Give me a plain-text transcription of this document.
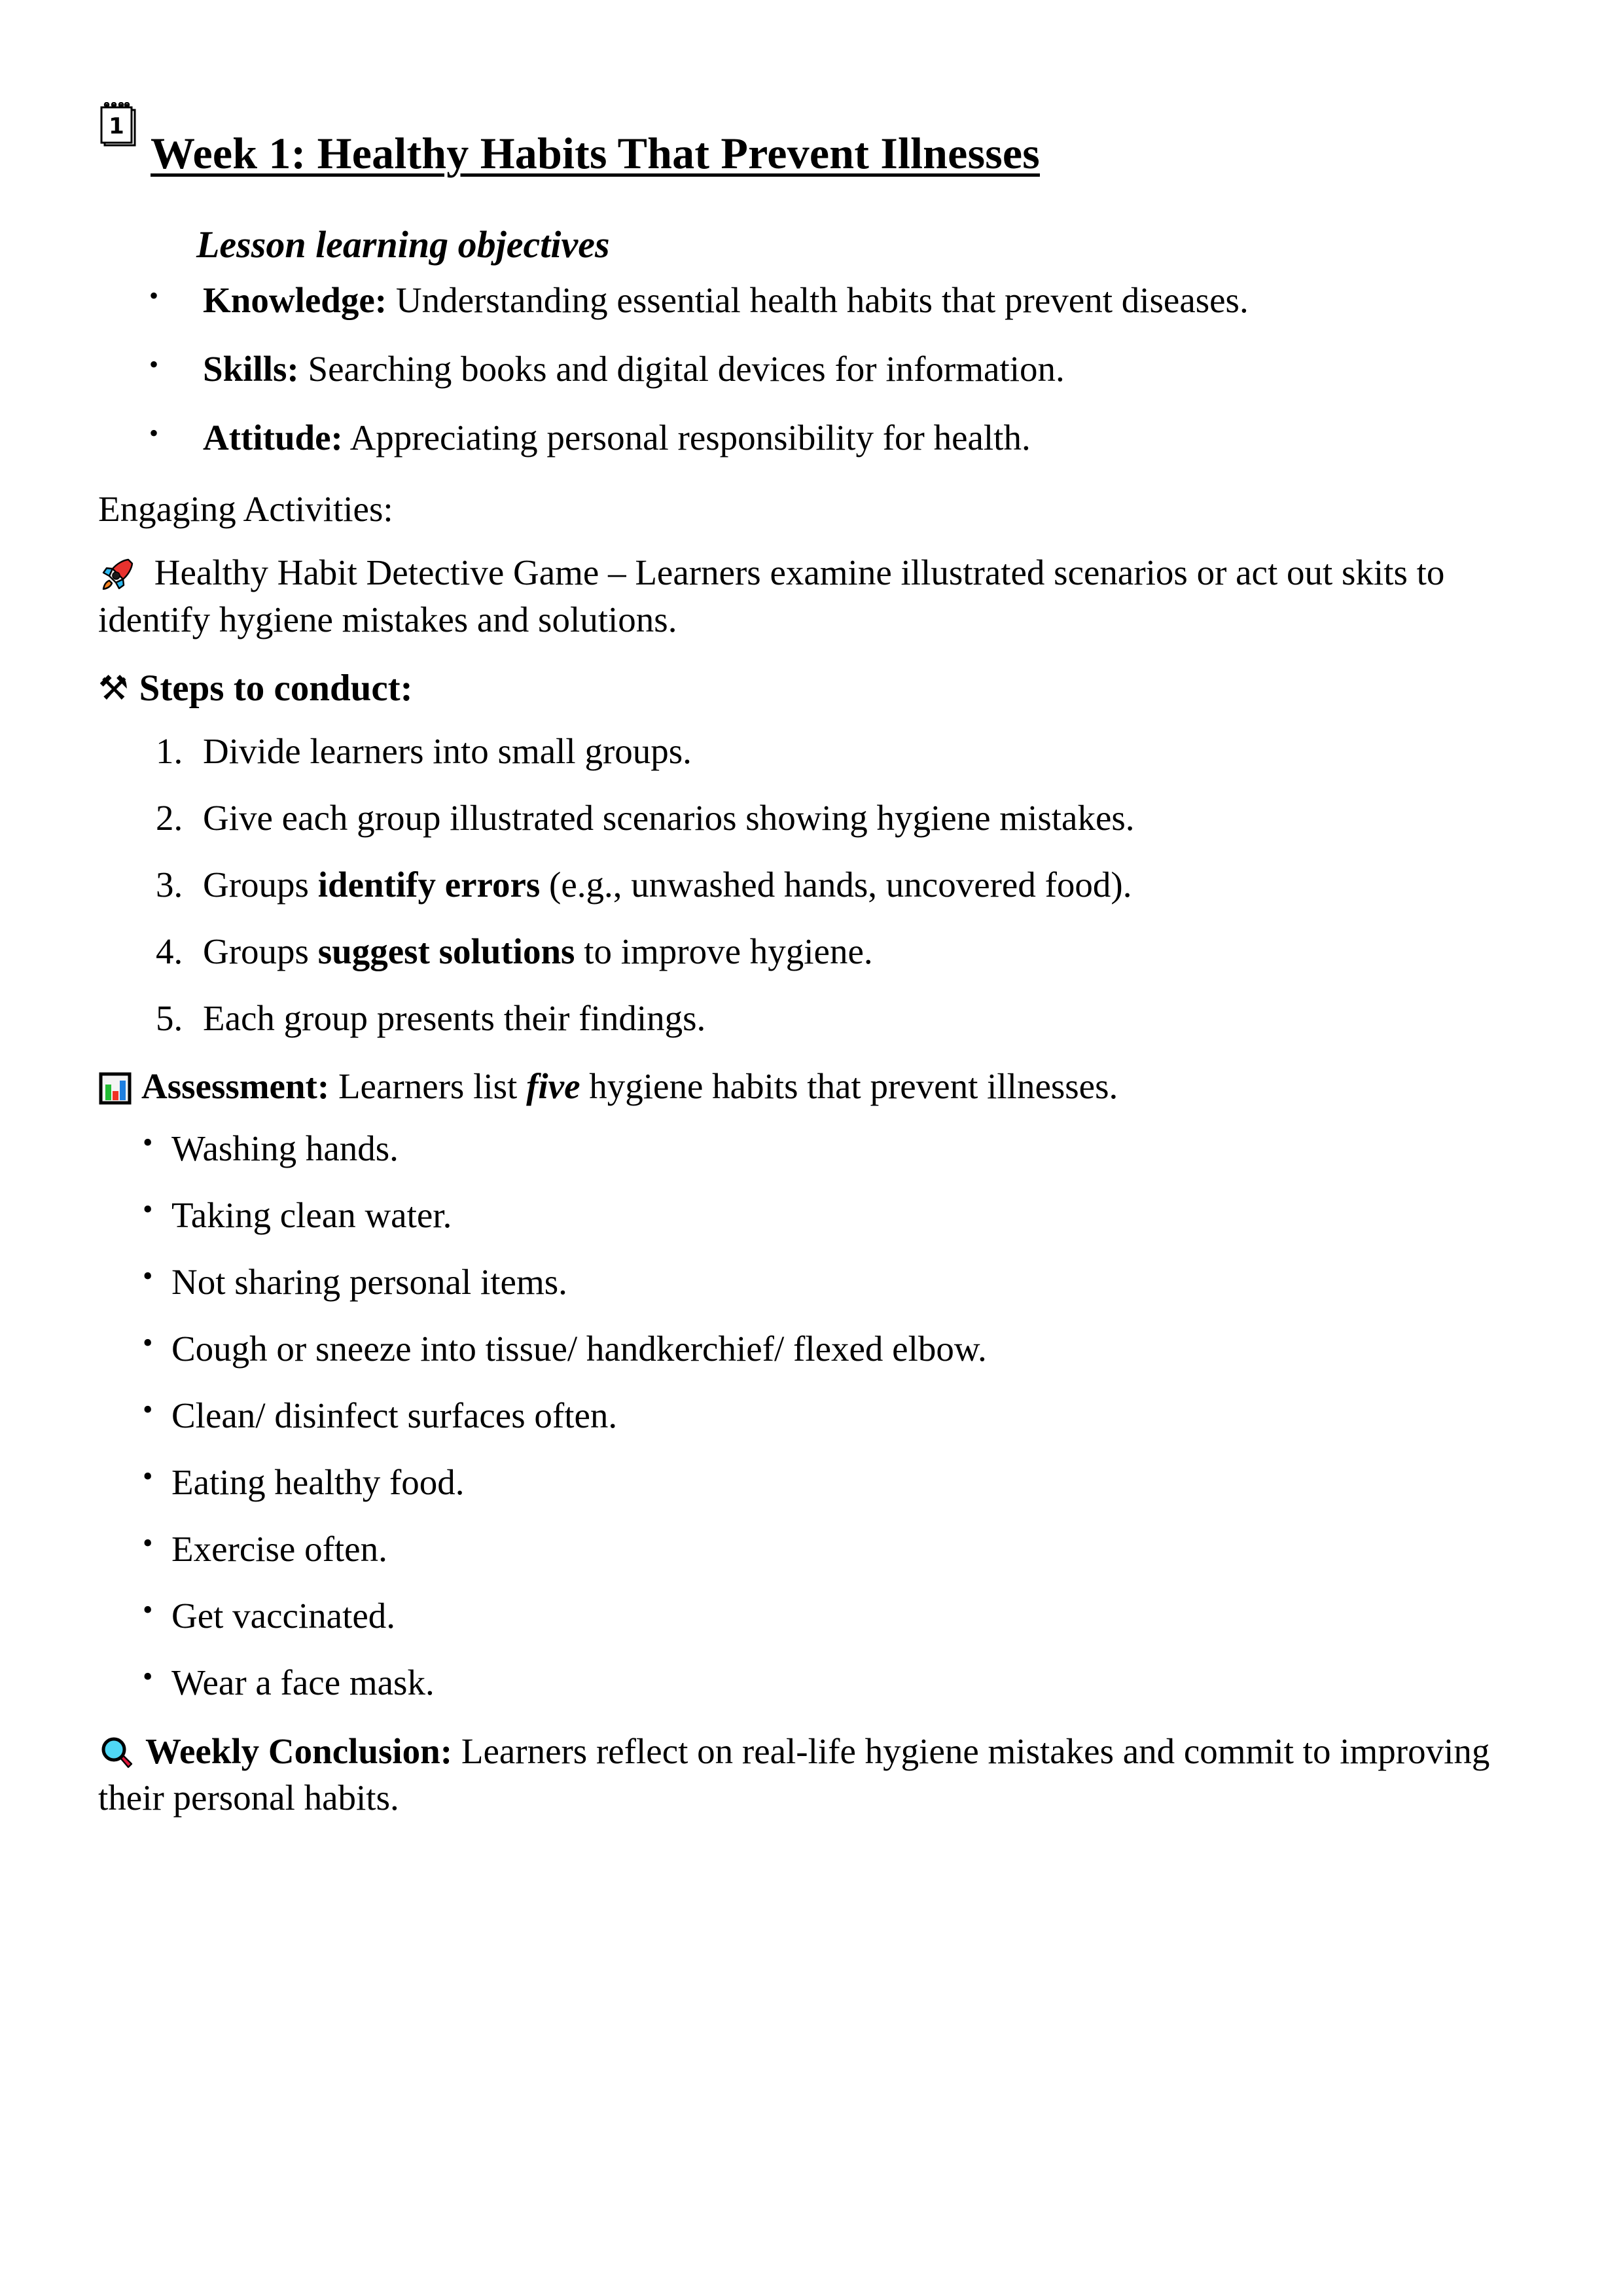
1
Week 1: Healthy Habits That Prevent Illnesses
Lesson learning objectives
• Knowledge: Understanding essential health habits that prevent diseases.
• Skills: Searching books and digital devices for information.
• Attitude: Appreciating personal responsibility for health.

Engaging Activities:

Healthy Habit Detective Game – Learners examine illustrated scenarios or act out skits to identify hygiene mistakes and solutions.

⚒ Steps to conduct:
Divide learners into small groups.
Give each group illustrated scenarios showing hygiene mistakes.
Groups identify errors (e.g., unwashed hands, uncovered food).
Groups suggest solutions to improve hygiene.
Each group presents their findings.

Assessment: Learners list five hygiene habits that prevent illnesses.

• Washing hands.
• Taking clean water.
• Not sharing personal items.
• Cough or sneeze into tissue/ handkerchief/ flexed elbow.
• Clean/ disinfect surfaces often.
• Eating healthy food.
• Exercise often.
• Get vaccinated.
• Wear a face mask.

Weekly Conclusion: Learners reflect on real-life hygiene mistakes and commit to improving their personal habits.
